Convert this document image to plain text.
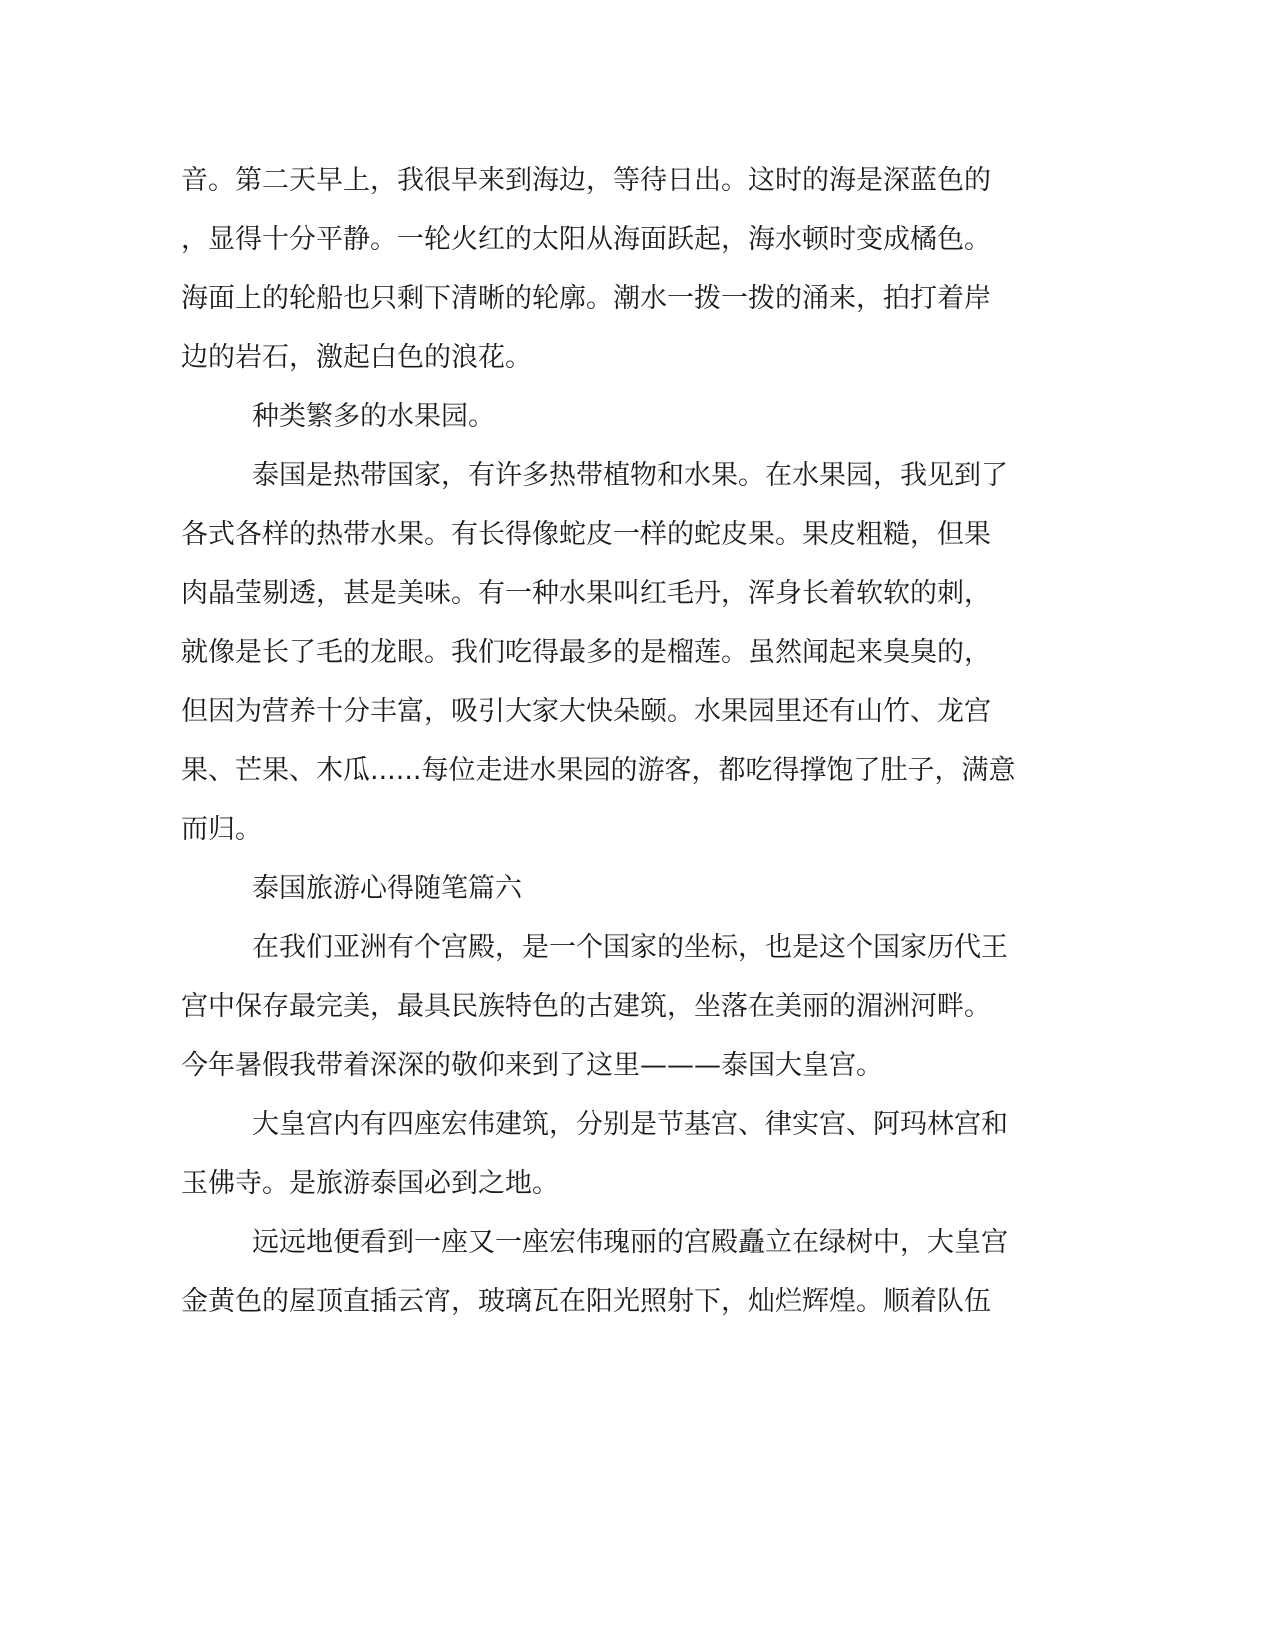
音。第二天早上，我很早来到海边，等待日出。这时的海是深蓝色的

，显得十分平静。一轮火红的太阳从海面跃起，海水顿时变成橘色。

海面上的轮船也只剩下清晰的轮廓。潮水一拨一拨的涌来，拍打着岸

边的岩石，激起白色的浪花。

种类繁多的水果园。

泰国是热带国家，有许多热带植物和水果。在水果园，我见到了

各式各样的热带水果。有长得像蛇皮一样的蛇皮果。果皮粗糙，但果

肉晶莹剔透，甚是美味。有一种水果叫红毛丹，浑身长着软软的刺，

就像是长了毛的龙眼。我们吃得最多的是榴莲。虽然闻起来臭臭的，

但因为营养十分丰富，吸引大家大快朵颐。水果园里还有山竹、龙宫

果、芒果、木瓜......每位走进水果园的游客，都吃得撑饱了肚子，满意

而归。

泰国旅游心得随笔篇六

在我们亚洲有个宫殿，是一个国家的坐标，也是这个国家历代王

宫中保存最完美，最具民族特色的古建筑，坐落在美丽的湄洲河畔。

今年暑假我带着深深的敬仰来到了这里———泰国大皇宫。

大皇宫内有四座宏伟建筑，分别是节基宫、律实宫、阿玛林宫和

玉佛寺。是旅游泰国必到之地。

远远地便看到一座又一座宏伟瑰丽的宫殿矗立在绿树中，大皇宫

金黄色的屋顶直插云宵，玻璃瓦在阳光照射下，灿烂辉煌。顺着队伍
